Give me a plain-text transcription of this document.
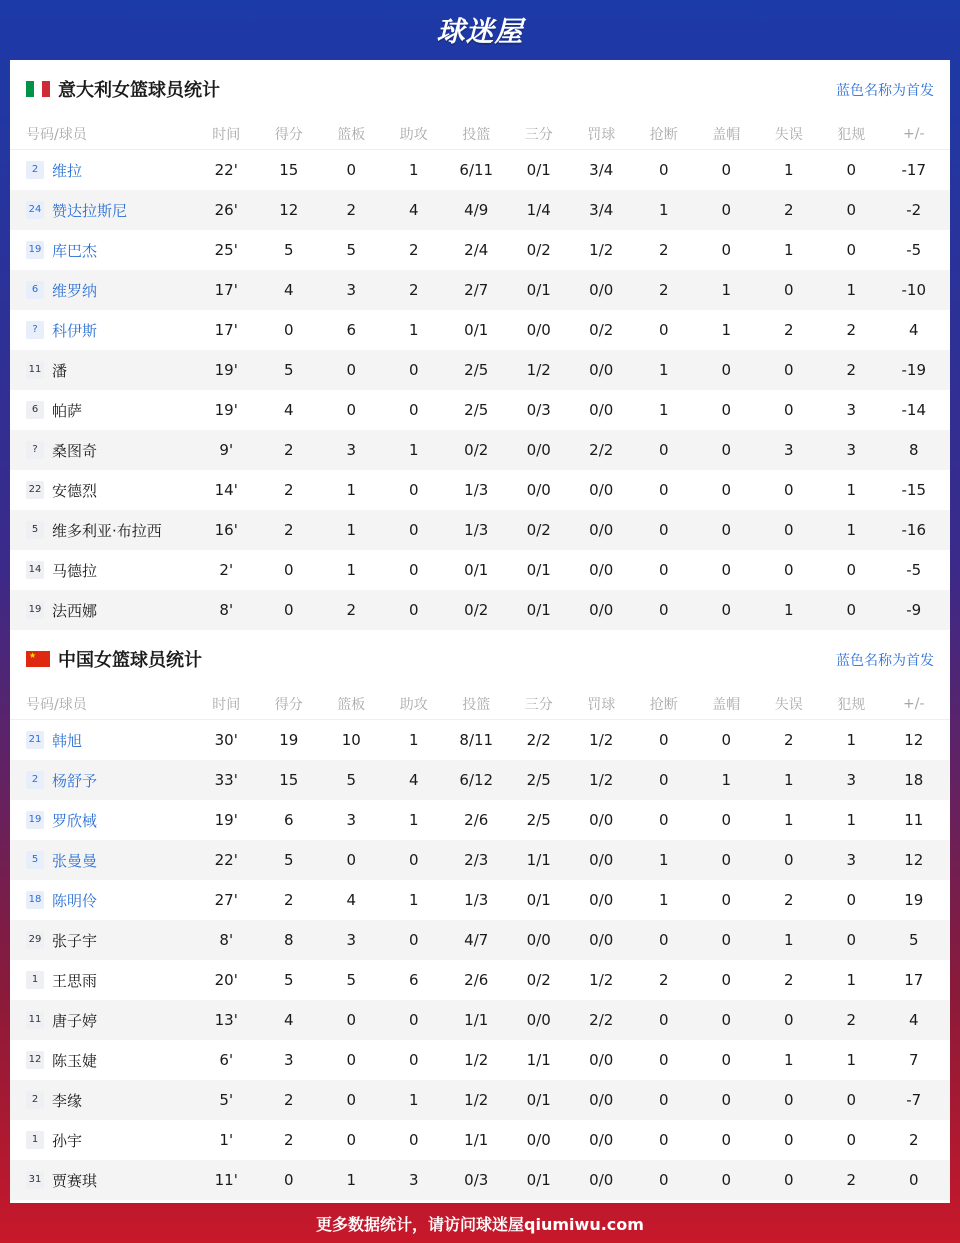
球迷屋
意大利女篮球员统计	蓝色名称为首发
号码/球员	时间	得分	篮板	助攻	投篮	三分	罚球	抢断	盖帽	失误	犯规	+/-
2 维拉	22'	15	0	1	6/11	0/1	3/4	0	0	1	0	-17
24 赞达拉斯尼	26'	12	2	4	4/9	1/4	3/4	1	0	2	0	-2
19 库巴杰	25'	5	5	2	2/4	0/2	1/2	2	0	1	0	-5
6 维罗纳	17'	4	3	2	2/7	0/1	0/0	2	1	0	1	-10
? 科伊斯	17'	0	6	1	0/1	0/0	0/2	0	1	2	2	4
11 潘	19'	5	0	0	2/5	1/2	0/0	1	0	0	2	-19
6 帕萨	19'	4	0	0	2/5	0/3	0/0	1	0	0	3	-14
? 桑图奇	9'	2	3	1	0/2	0/0	2/2	0	0	3	3	8
22 安德烈	14'	2	1	0	1/3	0/0	0/0	0	0	0	1	-15
5 维多利亚·布拉西	16'	2	1	0	1/3	0/2	0/0	0	0	0	1	-16
14 马德拉	2'	0	1	0	0/1	0/1	0/0	0	0	0	0	-5
19 法西娜	8'	0	2	0	0/2	0/1	0/0	0	0	1	0	-9
★ 中国女篮球员统计	蓝色名称为首发
号码/球员	时间	得分	篮板	助攻	投篮	三分	罚球	抢断	盖帽	失误	犯规	+/-
21 韩旭	30'	19	10	1	8/11	2/2	1/2	0	0	2	1	12
2 杨舒予	33'	15	5	4	6/12	2/5	1/2	0	1	1	3	18
19 罗欣棫	19'	6	3	1	2/6	2/5	0/0	0	0	1	1	11
5 张曼曼	22'	5	0	0	2/3	1/1	0/0	1	0	0	3	12
18 陈明伶	27'	2	4	1	1/3	0/1	0/0	1	0	2	0	19
29 张子宇	8'	8	3	0	4/7	0/0	0/0	0	0	1	0	5
1 王思雨	20'	5	5	6	2/6	0/2	1/2	2	0	2	1	17
11 唐子婷	13'	4	0	0	1/1	0/0	2/2	0	0	0	2	4
12 陈玉婕	6'	3	0	0	1/2	1/1	0/0	0	0	1	1	7
2 李缘	5'	2	0	1	1/2	0/1	0/0	0	0	0	0	-7
1 孙宇	1'	2	0	0	1/1	0/0	0/0	0	0	0	0	2
31 贾赛琪	11'	0	1	3	0/3	0/1	0/0	0	0	0	2	0
更多数据统计，请访问球迷屋qiumiwu.com
